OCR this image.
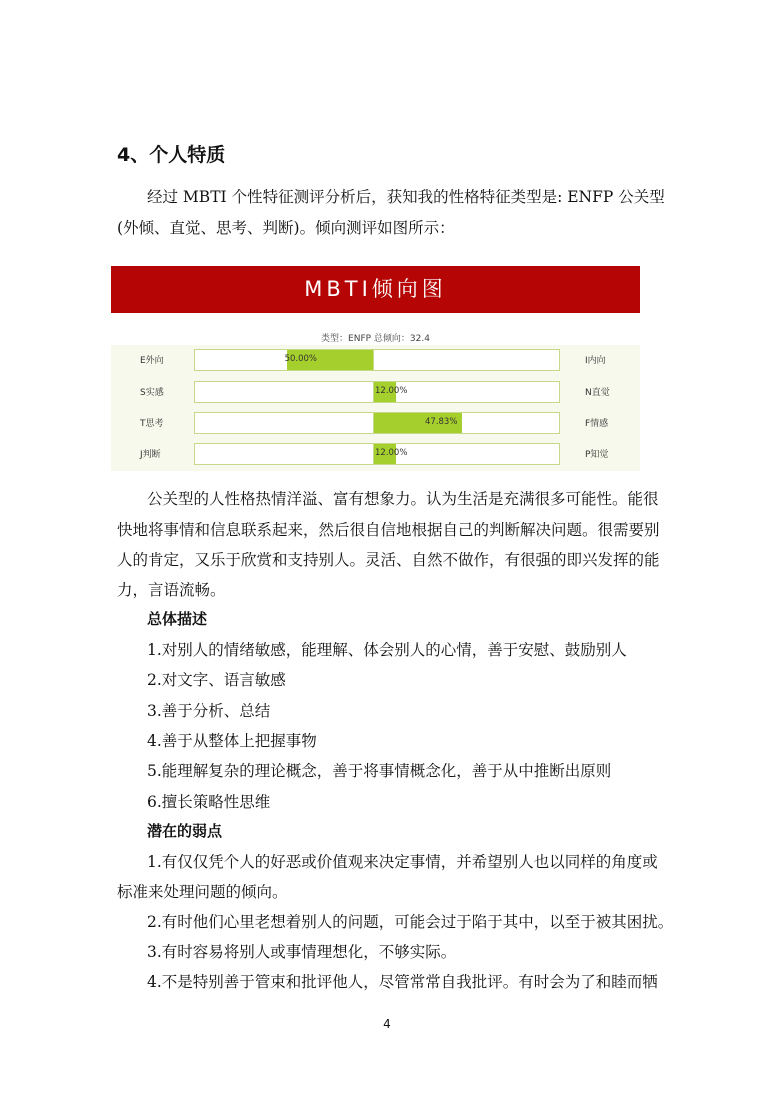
4、个人特质
经过 MBTI 个性特征测评分析后，获知我的性格特征类型是: ENFP 公关型
(外倾、直觉、思考、判断)。倾向测评如图所示：
MBTI倾向图
类型：ENFP 总倾向：32.4
E外向	I内向
50.00%
S实感	N直觉
12.00%
T思考	F情感
47.83%
J判断	P知觉
12.00%
公关型的人性格热情洋溢、富有想象力。认为生活是充满很多可能性。能很
快地将事情和信息联系起来，然后很自信地根据自己的判断解决问题。很需要别
人的肯定，又乐于欣赏和支持别人。灵活、自然不做作，有很强的即兴发挥的能
力，言语流畅。
总体描述
1.对别人的情绪敏感，能理解、体会别人的心情，善于安慰、鼓励别人
2.对文字、语言敏感
3.善于分析、总结
4.善于从整体上把握事物
5.能理解复杂的理论概念，善于将事情概念化，善于从中推断出原则
6.擅长策略性思维
潜在的弱点
1.有仅仅凭个人的好恶或价值观来决定事情，并希望别人也以同样的角度或
标准来处理问题的倾向。
2.有时他们心里老想着别人的问题，可能会过于陷于其中，以至于被其困扰。
3.有时容易将别人或事情理想化，不够实际。
4.不是特别善于管束和批评他人，尽管常常自我批评。有时会为了和睦而牺
4
